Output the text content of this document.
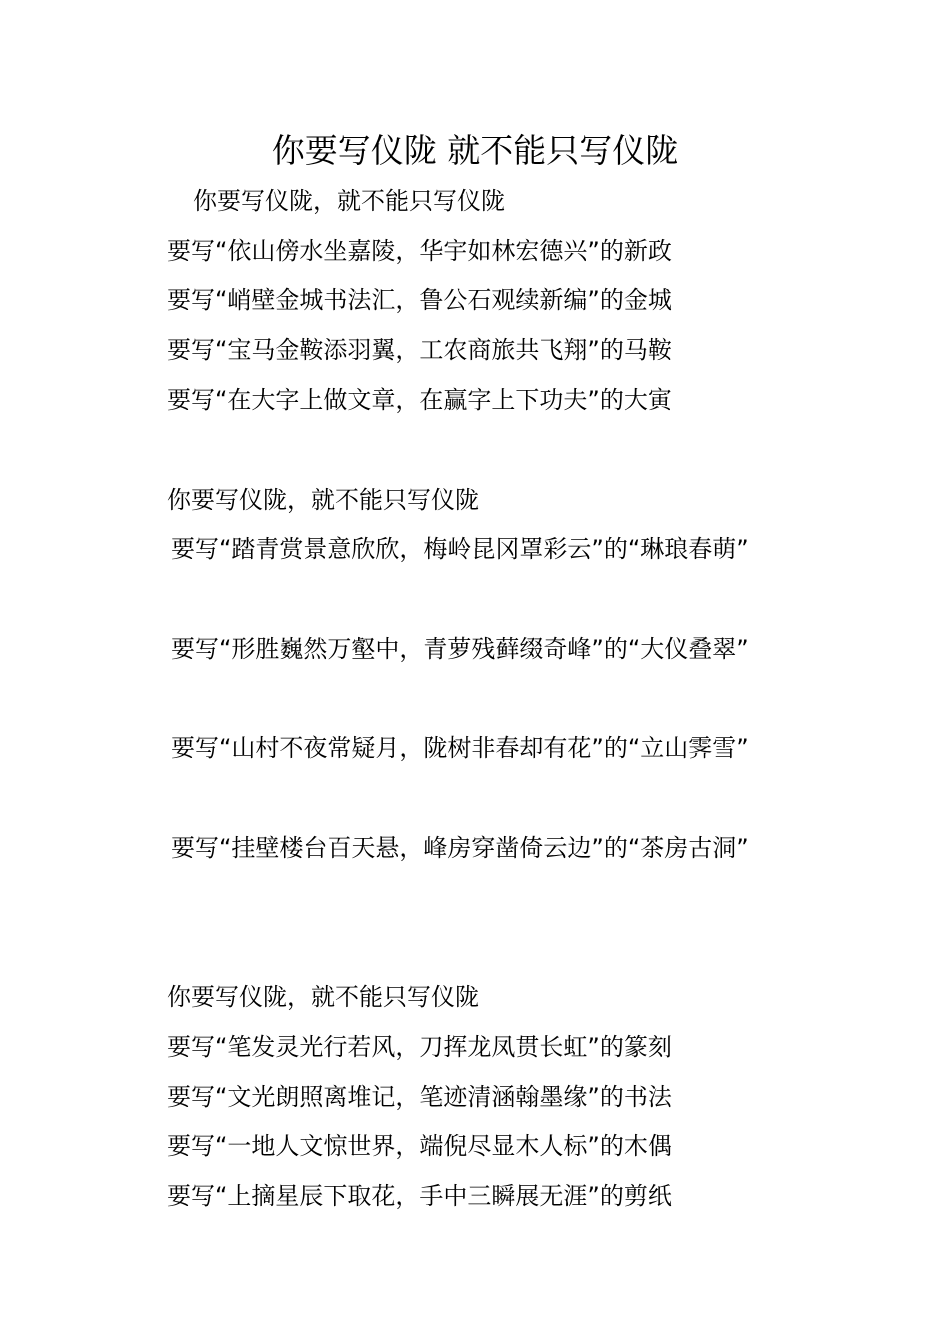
你要写仪陇 就不能只写仪陇

你要写仪陇，就不能只写仪陇

要写“依山傍水坐嘉陵，华宇如林宏德兴”的新政

要写“峭壁金城书法汇，鲁公石观续新编”的金城

要写“宝马金鞍添羽翼，工农商旅共飞翔”的马鞍

要写“在大字上做文章，在赢字上下功夫”的大寅

你要写仪陇，就不能只写仪陇

要写“踏青赏景意欣欣，梅岭昆冈罩彩云”的“琳琅春萌”

要写“形胜巍然万壑中，青萝残藓缀奇峰”的“大仪叠翠”

要写“山村不夜常疑月，陇树非春却有花”的“立山霁雪”

要写“挂壁楼台百天悬，峰房穿凿倚云边”的“茶房古洞”

你要写仪陇，就不能只写仪陇

要写“笔发灵光行若风，刀挥龙凤贯长虹”的篆刻

要写“文光朗照离堆记，笔迹清涵翰墨缘”的书法

要写“一地人文惊世界，端倪尽显木人标”的木偶

要写“上摘星辰下取花，手中三瞬展无涯”的剪纸
